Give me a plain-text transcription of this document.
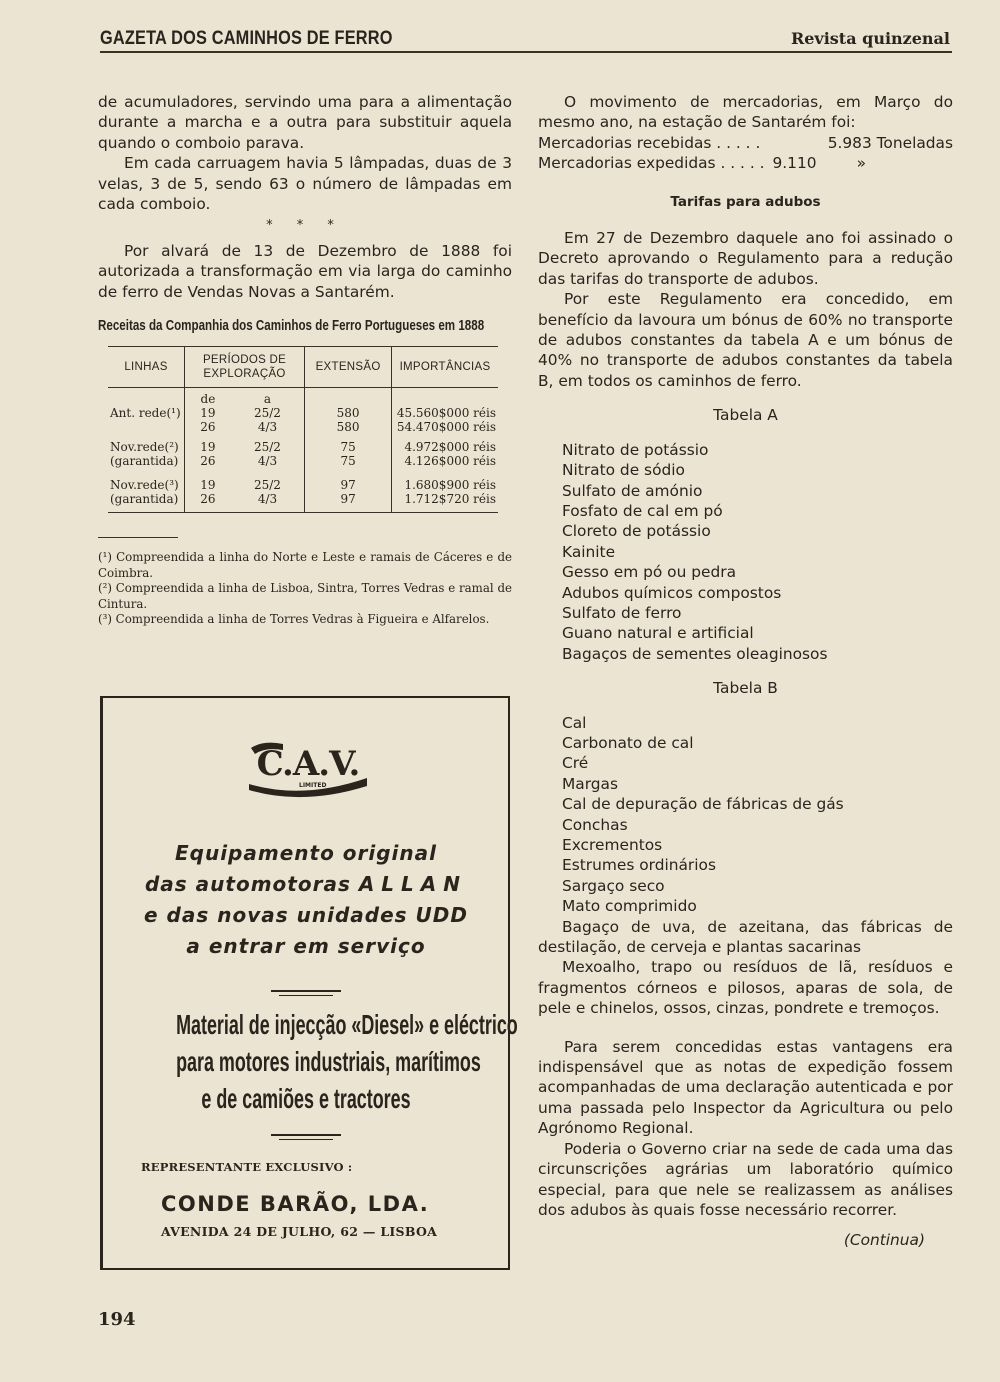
GAZETA DOS CAMINHOS DE FERRO	Revista quinzenal

de acumuladores, servindo uma para a alimentação durante a marcha e a outra para substituir aquela quando o comboio parava.

Em cada carruagem havia 5 lâmpadas, duas de 3 velas, 3 de 5, sendo 63 o número de lâmpadas em cada comboio.

* * *

Por alvará de 13 de Dezembro de 1888 foi autorizada a transformação em via larga do caminho de ferro de Vendas Novas a Santarém.

Receitas da Companhia dos Caminhos de Ferro Portugueses em 1888
LINHAS	PERÍODOS DE EXPLORAÇÃO		EXTENSÃO	IMPORTÂNCIAS
	de	a		
Ant. rede(¹)	19	25/2	580	45.560$000 réis
	26	4/3	580	54.470$000 réis
Nov.rede(²)	19	25/2	75	4.972$000 réis
(garantida)	26	4/3	75	4.126$000 réis
Nov.rede(³)	19	25/2	97	1.680$900 réis
(garantida)	26	4/3	97	1.712$720 réis
(¹) Compreendida a linha do Norte e Leste e ramais de Cáceres e de Coimbra.
(²) Compreendida a linha de Lisboa, Sintra, Torres Vedras e ramal de Cintura.
(³) Compreendida a linha de Torres Vedras à Figueira e Alfarelos.
C.A.V.
LIMITED
Equipamento original
das automotoras ALLAN
e das novas unidades UDD
a entrar em serviço
Material de injecção «Diesel» e eléctrico
para motores industriais, marítimos
e de camiões e tractores
REPRESENTANTE EXCLUSIVO :
CONDE BARÃO, LDA.
AVENIDA 24 DE JULHO, 62 — LISBOA

O movimento de mercadorias, em Março do mesmo ano, na estação de Santarém foi:

Mercadorias recebidas . . . . .	5.983 Toneladas
Mercadorias expedidas . . . . . 9.110	»
Tarifas para adubos

Em 27 de Dezembro daquele ano foi assinado o Decreto aprovando o Regulamento para a redução das tarifas do transporte de adubos.

Por este Regulamento era concedido, em benefício da lavoura um bónus de 60% no transporte de adubos constantes da tabela A e um bónus de 40% no transporte de adubos constantes da tabela B, em todos os caminhos de ferro.

Tabela A
Nitrato de potássio
Nitrato de sódio
Sulfato de amónio
Fosfato de cal em pó
Cloreto de potássio
Kainite
Gesso em pó ou pedra
Adubos químicos compostos
Sulfato de ferro
Guano natural e artificial
Bagaços de sementes oleaginosos
Tabela B
Cal
Carbonato de cal
Cré
Margas
Cal de depuração de fábricas de gás
Conchas
Excrementos
Estrumes ordinários
Sargaço seco
Mato comprimido
Bagaço de uva, de azeitana, das fábricas de destilação, de cerveja e plantas sacarinas
Mexoalho, trapo ou resíduos de lã, resíduos e fragmentos córneos e pilosos, aparas de sola, de pele e chinelos, ossos, cinzas, pondrete e tremoços.

Para serem concedidas estas vantagens era indispensável que as notas de expedição fossem acompanhadas de uma declaração autenticada e por uma passada pelo Inspector da Agricultura ou pelo Agrónomo Regional.

Poderia o Governo criar na sede de cada uma das circunscrições agrárias um laboratório químico especial, para que nele se realizassem as análises dos adubos às quais fosse necessário recorrer.

(Continua)
194
